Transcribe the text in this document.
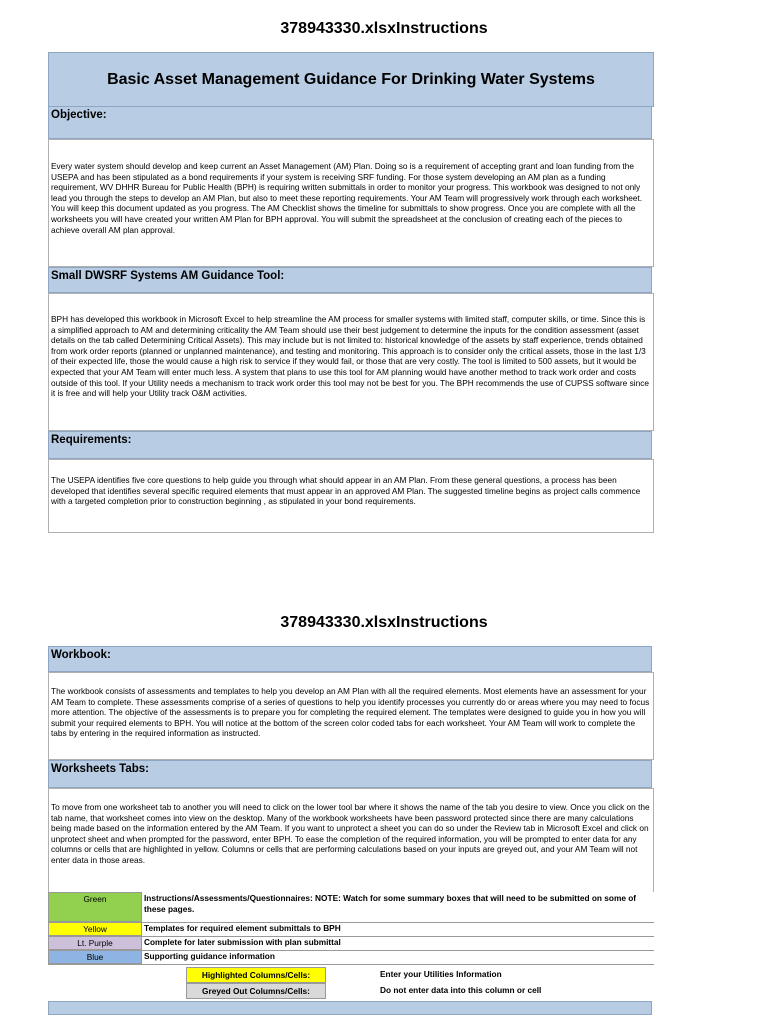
378943330.xlsxInstructions
Basic Asset Management Guidance For Drinking Water Systems
Objective:

Every water system should develop and keep current an Asset Management (AM) Plan. Doing so is a requirement of accepting grant and loan funding from the USEPA and has been stipulated as a bond requirements if your system is receiving SRF funding. For those system developing an AM plan as a funding requirement, WV DHHR Bureau for Public Health (BPH) is requiring written submittals in order to monitor your progress. This workbook was designed to not only lead you through the steps to develop an AM Plan, but also to meet these reporting requirements. Your AM Team will progressively work through each worksheet. You will keep this document updated as you progress. The AM Checklist shows the timeline for submittals to show progress. Once you are complete with all the worksheets you will have created your written AM Plan for BPH approval. You will submit the spreadsheet at the conclusion of creating each of the pieces to achieve overall AM plan approval.

Small DWSRF Systems AM Guidance Tool:

BPH has developed this workbook in Microsoft Excel to help streamline the AM process for smaller systems with limited staff, computer skills, or time. Since this is a simplified approach to AM and determining criticality the AM Team should use their best judgement to determine the inputs for the condition assessment (asset details on the tab called Determining Critical Assets). This may include but is not limited to: historical knowledge of the assets by staff experience, trends obtained from work order reports (planned or unplanned maintenance), and testing and monitoring. This approach is to consider only the critical assets, those in the last 1/3 of their expected life, those the would cause a high risk to service if they would fail, or those that are very costly. The tool is limited to 500 assets, but it would be expected that your AM Team will enter much less. A system that plans to use this tool for AM planning would have another method to track work order and costs outside of this tool. If your Utility needs a mechanism to track work order this tool may not be best for you. The BPH recommends the use of CUPSS software since it is free and will help your Utility track O&M activities.

Requirements:

The USEPA identifies five core questions to help guide you through what should appear in an AM Plan. From these general questions, a process has been developed that identifies several specific required elements that must appear in an approved AM Plan. The suggested timeline begins as project calls commence with a targeted completion prior to construction beginning , as stipulated in your bond requirements.

378943330.xlsxInstructions
Workbook:

The workbook consists of assessments and templates to help you develop an AM Plan with all the required elements. Most elements have an assessment for your AM Team to complete. These assessments comprise of a series of questions to help you identify processes you currently do or areas where you may need to focus more attention. The objective of the assessments is to prepare you for completing the required element. The templates were designed to guide you in how you will submit your required elements to BPH. You will notice at the bottom of the screen color coded tabs for each worksheet. Your AM Team will work to complete the tabs by entering in the required information as instructed.

Worksheets Tabs:

To move from one worksheet tab to another you will need to click on the lower tool bar where it shows the name of the tab you desire to view. Once you click on the tab name, that worksheet comes into view on the desktop. Many of the workbook worksheets have been password protected since there are many calculations being made based on the information entered by the AM Team. If you want to unprotect a sheet you can do so under the Review tab in Microsoft Excel and click on unprotect sheet and when prompted for the password, enter BPH. To ease the completion of the required information, you will be prompted to enter data for any columns or cells that are highlighted in yellow. Columns or cells that are performing calculations based on your inputs are greyed out, and your AM Team will not enter data in those areas.

Green	Instructions/Assessments/Questionnaires: NOTE: Watch for some summary boxes that will need to be submitted on some of these pages.
Yellow	Templates for required element submittals to BPH
Lt. Purple	Complete for later submission with plan submittal
Blue	Supporting guidance information
Highlighted Columns/Cells:	Enter your Utilities Information
Greyed Out Columns/Cells:	Do not enter data into this column or cell
